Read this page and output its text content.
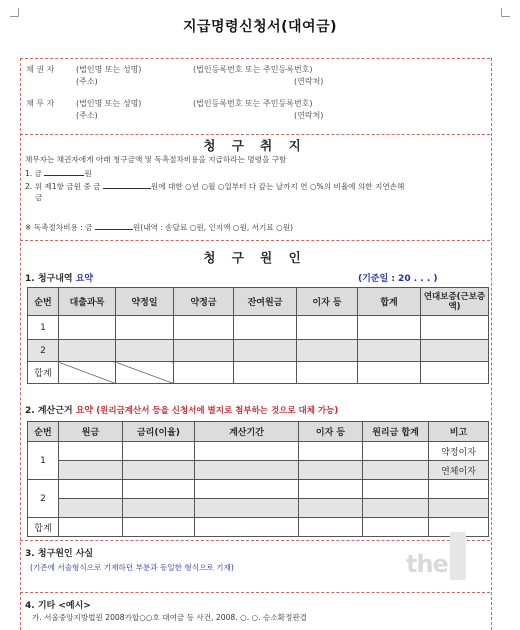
지급명령신청서(대여금)
채 권 자	(법인명 또는 성명)	(법인등록번호 또는 주민등록번호)
(주소)	(연락처)
채 무 자	(법인명 또는 성명)	(법인등록번호 또는 주민등록번호)
(주소)	(연락처)
청 구 취 지
채무자는 채권자에게 아래 청구금액 및 독촉절차비용을 지급하라는 명령을 구함
1. 금	원
2. 위 제1항 금원 중 금	원에 대한 ○년 ○월 ○일부터 다 갚는 날까지 연 ○%의 비율에 의한 지연손해
금
※ 독촉절차비용 : 금	원(내역 : 송달료 ○원, 인지액 ○원, 서기료 ○원)
청 구 원 인
1. 청구내역 요약	(기준일 : 20 . . . )
순번	대출과목	약정일	약정금	잔여원금	이자 등	합계	연대보증(근보증액)
1							
2							
합계							
2. 계산근거 요약 (원리금계산서 등을 신청서에 별지로 첨부하는 것으로 대체 가능)
순번	원금	금리(이율)	계산기간	이자 등	원리금 합계	비고
1						약정이자
						연체이자
2						

합계						
3. 청구원인 사실
(기존에 서술형식으로 기재하던 부분과 동일한 형식으로 기재)
4. 기타 <예시>
가. 서울중앙지방법원 2008가합○○호 대여금 등 사건, 2008. ○. ○. 승소확정판결
the
